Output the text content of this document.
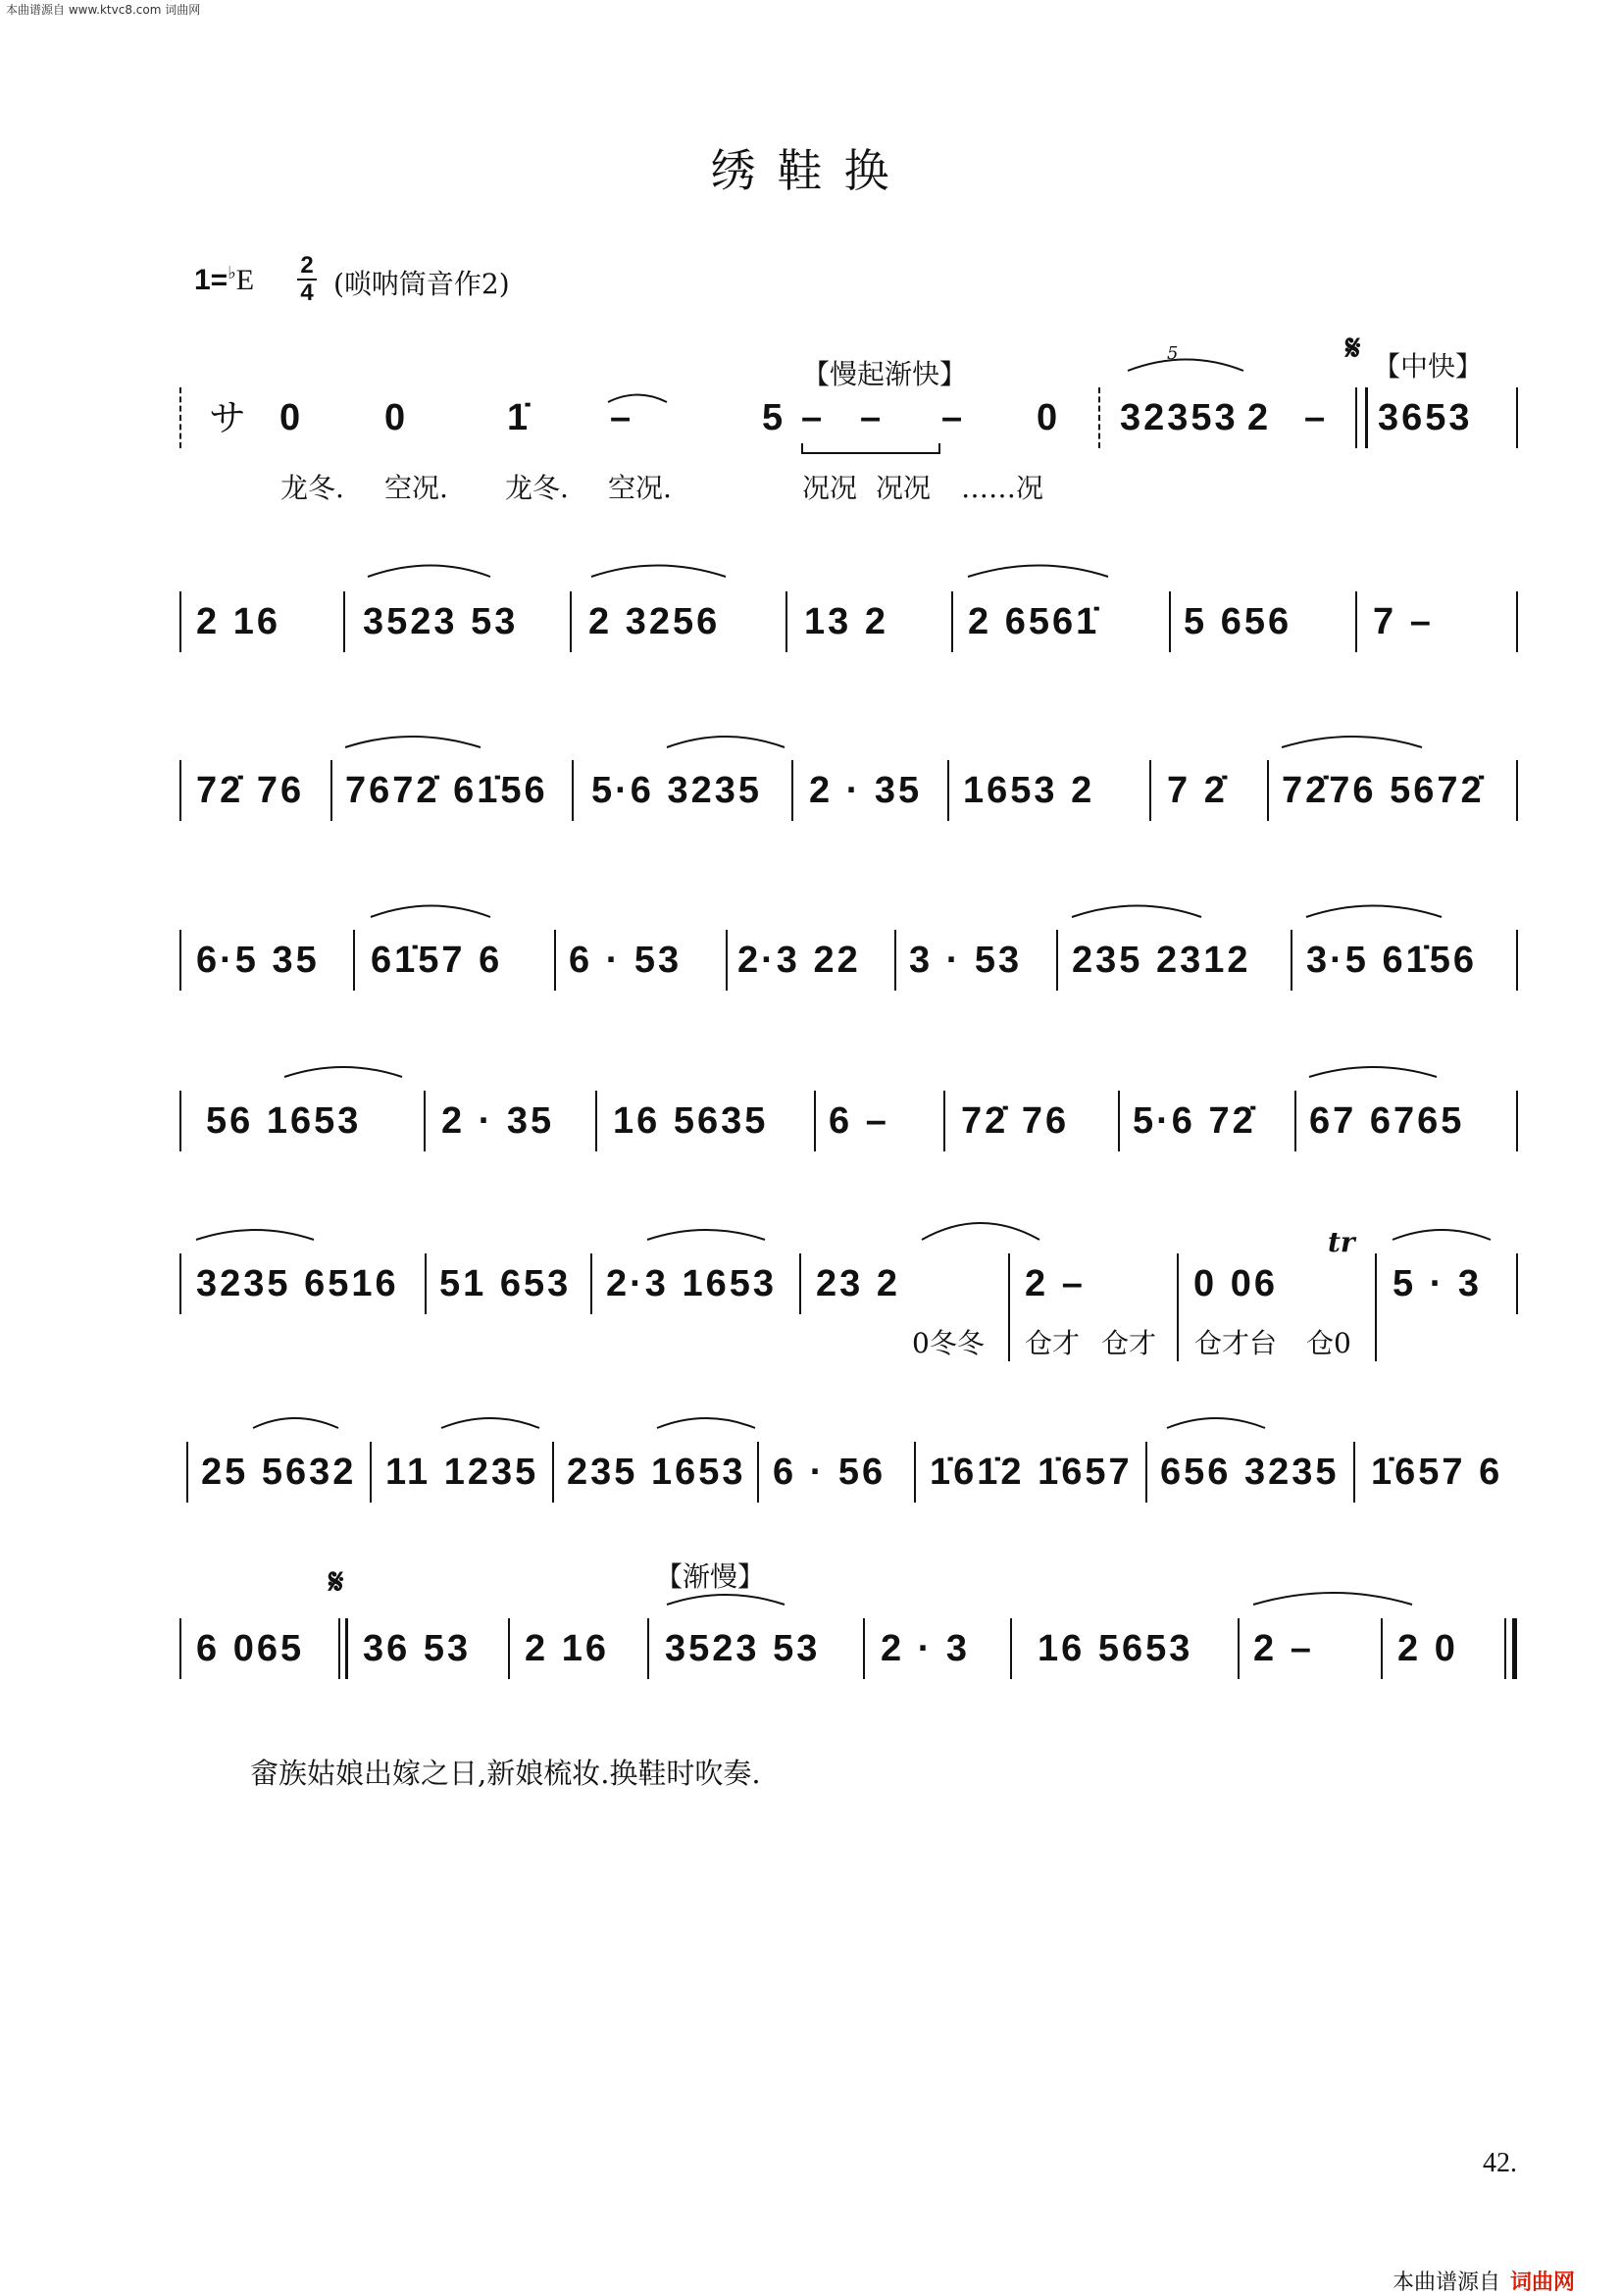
本曲谱源自 www.ktvc8.com 词曲网
绣鞋换
1=♭E 2
4 (唢呐筒音作2)
サ 0 0	1̇ –	5 – – – 0 32353 2 – 3653
【慢起渐快】	【中快】
𝄋
5
龙冬. 空况. 龙冬. 空况.	况况 况况 ……况
2 16 3523 53 2 3256 13 2 2 6561̇ 5 656 7 –
72̇ 76 7672̇ 61̇56 5·6 3235 2 · 35 1653 2 7 2̇ 72̇76 5672̇
6·5 35 61̇57 6 6 · 53 2·3 22 3 · 53 235 2312 3·5 61̇56
56 1653 2 · 35 16 5635 6 – 72̇ 76 5·6 72̇ 67 6765
3235 6516 51 653 2·3 1653 23 2	2 –	0 06	5 · 3
tr
0冬冬 仓才 仓才 仓才台 仓0
25 5632 11 1235 235 1653 6 · 56 1̇61̇2 1̇657 656 3235 1̇657 6
【渐慢】
𝄋
6 065 36 53 2 16 3523 53 2 · 3 16 5653 2 – 2 0
畲族姑娘出嫁之日,新娘梳妆.换鞋时吹奏.
42.
本曲谱源自 词曲网
